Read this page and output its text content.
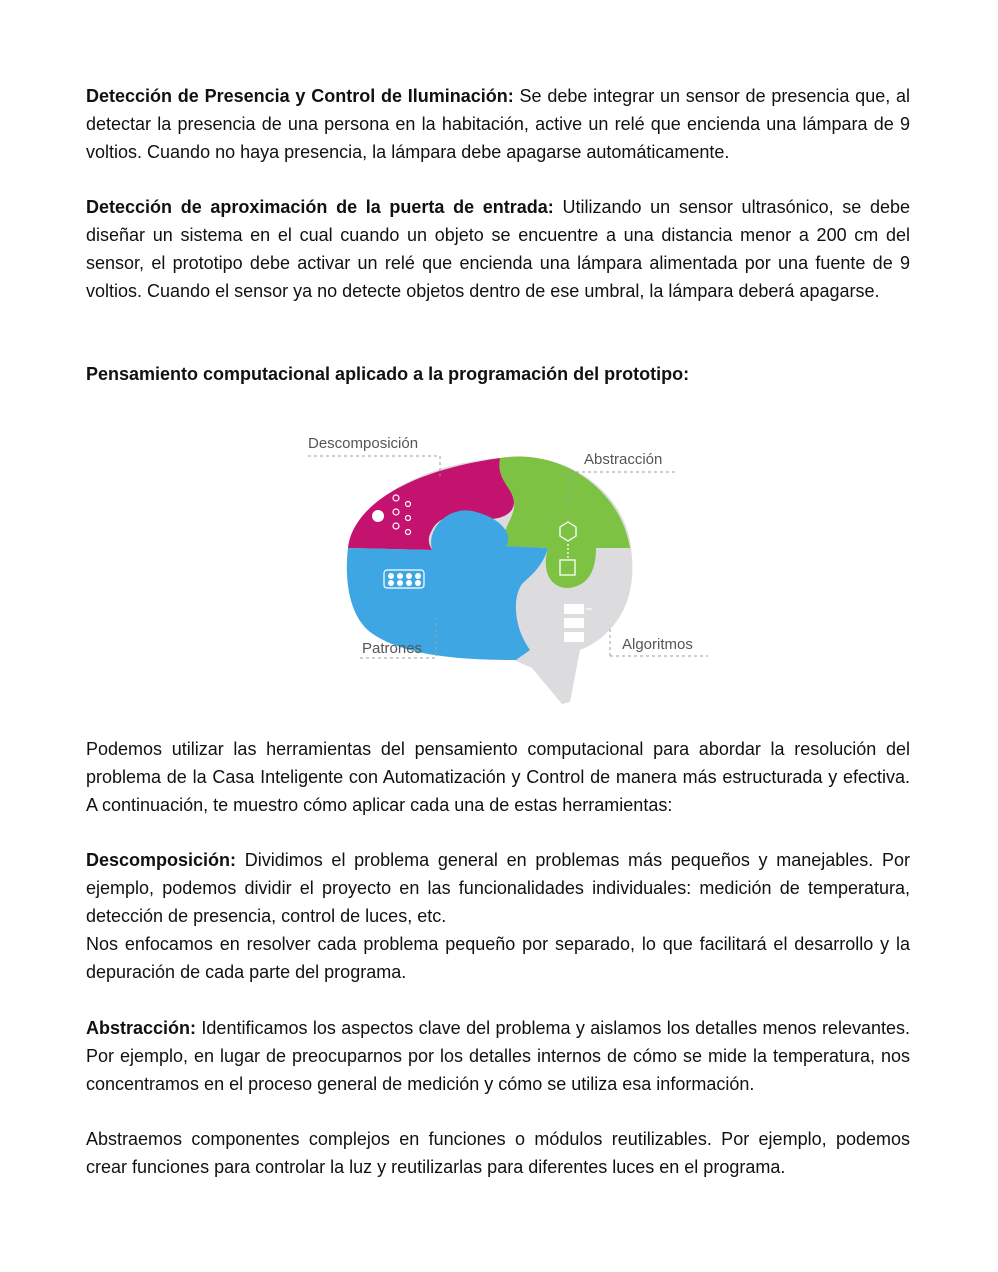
Detección de Presencia y Control de Iluminación: Se debe integrar un sensor de presencia que, al detectar la presencia de una persona en la habitación, active un relé que encienda una lámpara de 9 voltios. Cuando no haya presencia, la lámpara debe apagarse automáticamente.

Detección de aproximación de la puerta de entrada: Utilizando un sensor ultrasónico, se debe diseñar un sistema en el cual cuando un objeto se encuentre a una distancia menor a 200 cm del sensor, el prototipo debe activar un relé que encienda una lámpara alimentada por una fuente de 9 voltios. Cuando el sensor ya no detecte objetos dentro de ese umbral, la lámpara deberá apagarse.

Pensamiento computacional aplicado a la programación del prototipo:

Descomposición
Abstracción
Patrones	Algoritmos

Podemos utilizar las herramientas del pensamiento computacional para abordar la resolución del problema de la Casa Inteligente con Automatización y Control de manera más estructurada y efectiva. A continuación, te muestro cómo aplicar cada una de estas herramientas:

Descomposición: Dividimos el problema general en problemas más pequeños y manejables. Por ejemplo, podemos dividir el proyecto en las funcionalidades individuales: medición de temperatura, detección de presencia, control de luces, etc.

Nos enfocamos en resolver cada problema pequeño por separado, lo que facilitará el desarrollo y la depuración de cada parte del programa.

Abstracción: Identificamos los aspectos clave del problema y aislamos los detalles menos relevantes. Por ejemplo, en lugar de preocuparnos por los detalles internos de cómo se mide la temperatura, nos concentramos en el proceso general de medición y cómo se utiliza esa información.

Abstraemos componentes complejos en funciones o módulos reutilizables. Por ejemplo, podemos crear funciones para controlar la luz y reutilizarlas para diferentes luces en el programa.
